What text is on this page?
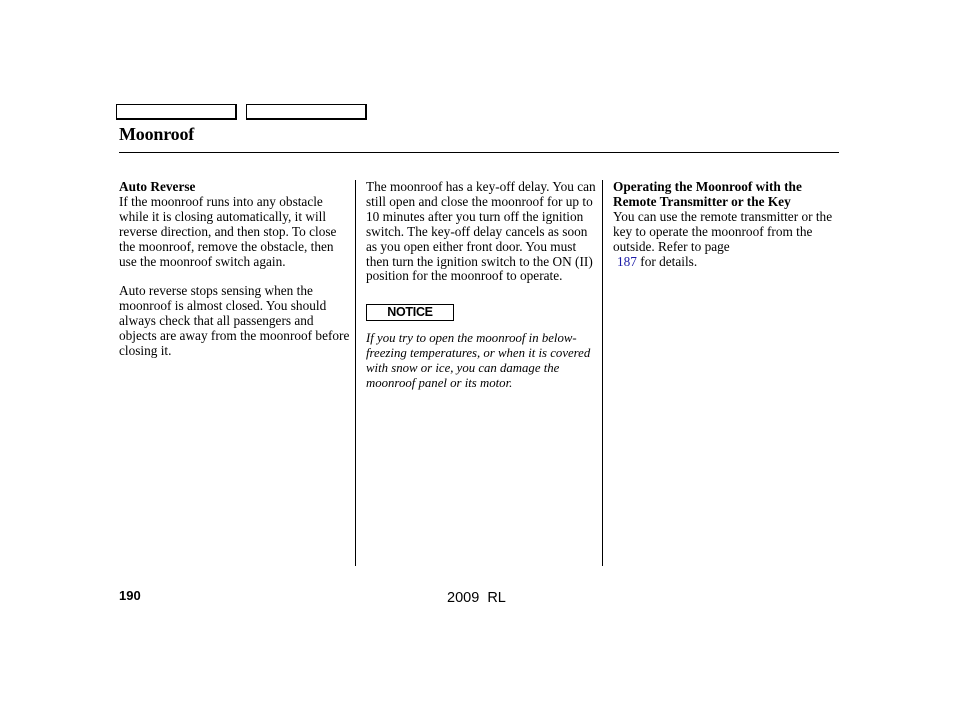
Moonroof

Auto Reverse

If the moonroof runs into any obstacle while it is closing automatically, it will reverse direction, and then stop. To close the moonroof, remove the obstacle, then use the moonroof switch again.

Auto reverse stops sensing when the moonroof is almost closed. You should always check that all passengers and objects are away from the moonroof before closing it.

The moonroof has a key-off delay. You can still open and close the moonroof for up to 10 minutes after you turn off the ignition switch. The key-off delay cancels as soon as you open either front door. You must then turn the ignition switch to the ON (II) position for the moonroof to operate.

NOTICE

If you try to open the moonroof in below-freezing temperatures, or when it is covered with snow or ice, you can damage the moonroof panel or its motor.

Operating the Moonroof with the Remote Transmitter or the Key

You can use the remote transmitter or the key to operate the moonroof from the outside. Refer to page
187 for details.

190	2009  RL
